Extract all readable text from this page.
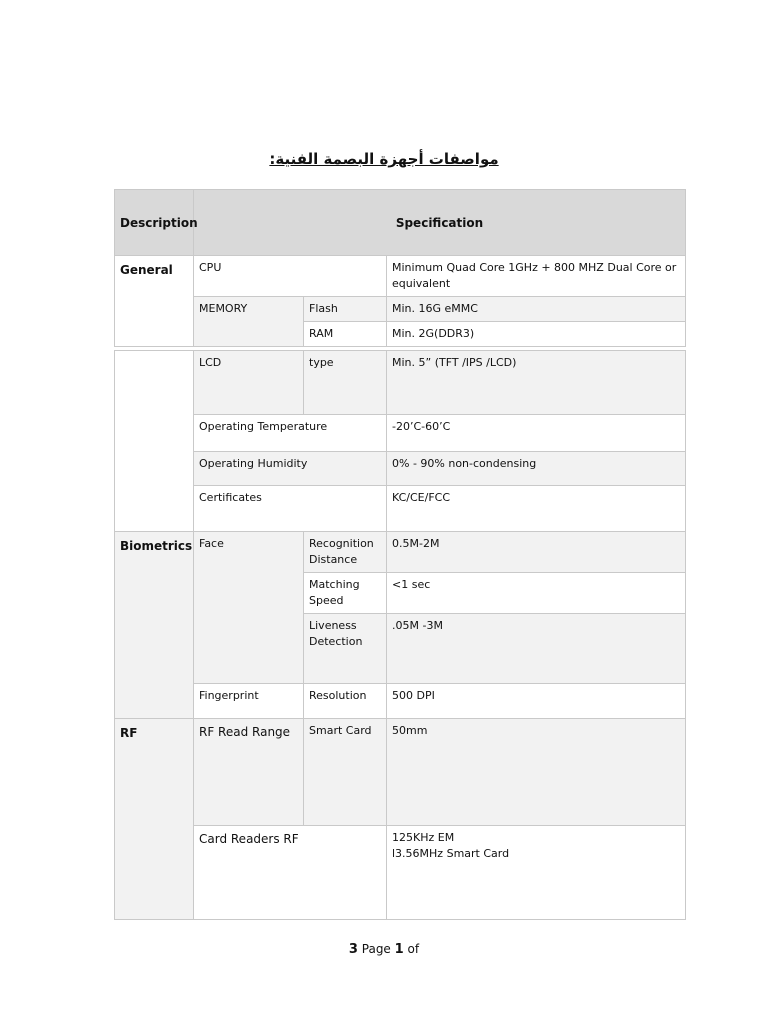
مواصفات أجهزة البصمة الفنية:
Description	Specification		
General	CPU		Minimum Quad Core 1GHz + 800 MHZ Dual Core or equivalent
	MEMORY	Flash	Min. 16G eMMC
		RAM	Min. 2G(DDR3)
	LCD	type	Min. 5” (TFT /IPS /LCD)
	Operating Temperature		-20’C-60’C
	Operating Humidity		0% - 90% non-condensing
	Certificates		KC/CE/FCC
Biometrics	Face	Recognition Distance	0.5M-2M
		Matching Speed	<1 sec
		Liveness Detection	.05M -3M
	Fingerprint	Resolution	500 DPI
RF	RF Read Range	Smart Card	50mm
	Card Readers RF		125KHz EM
l3.56MHz Smart Card
3 Page 1 of
